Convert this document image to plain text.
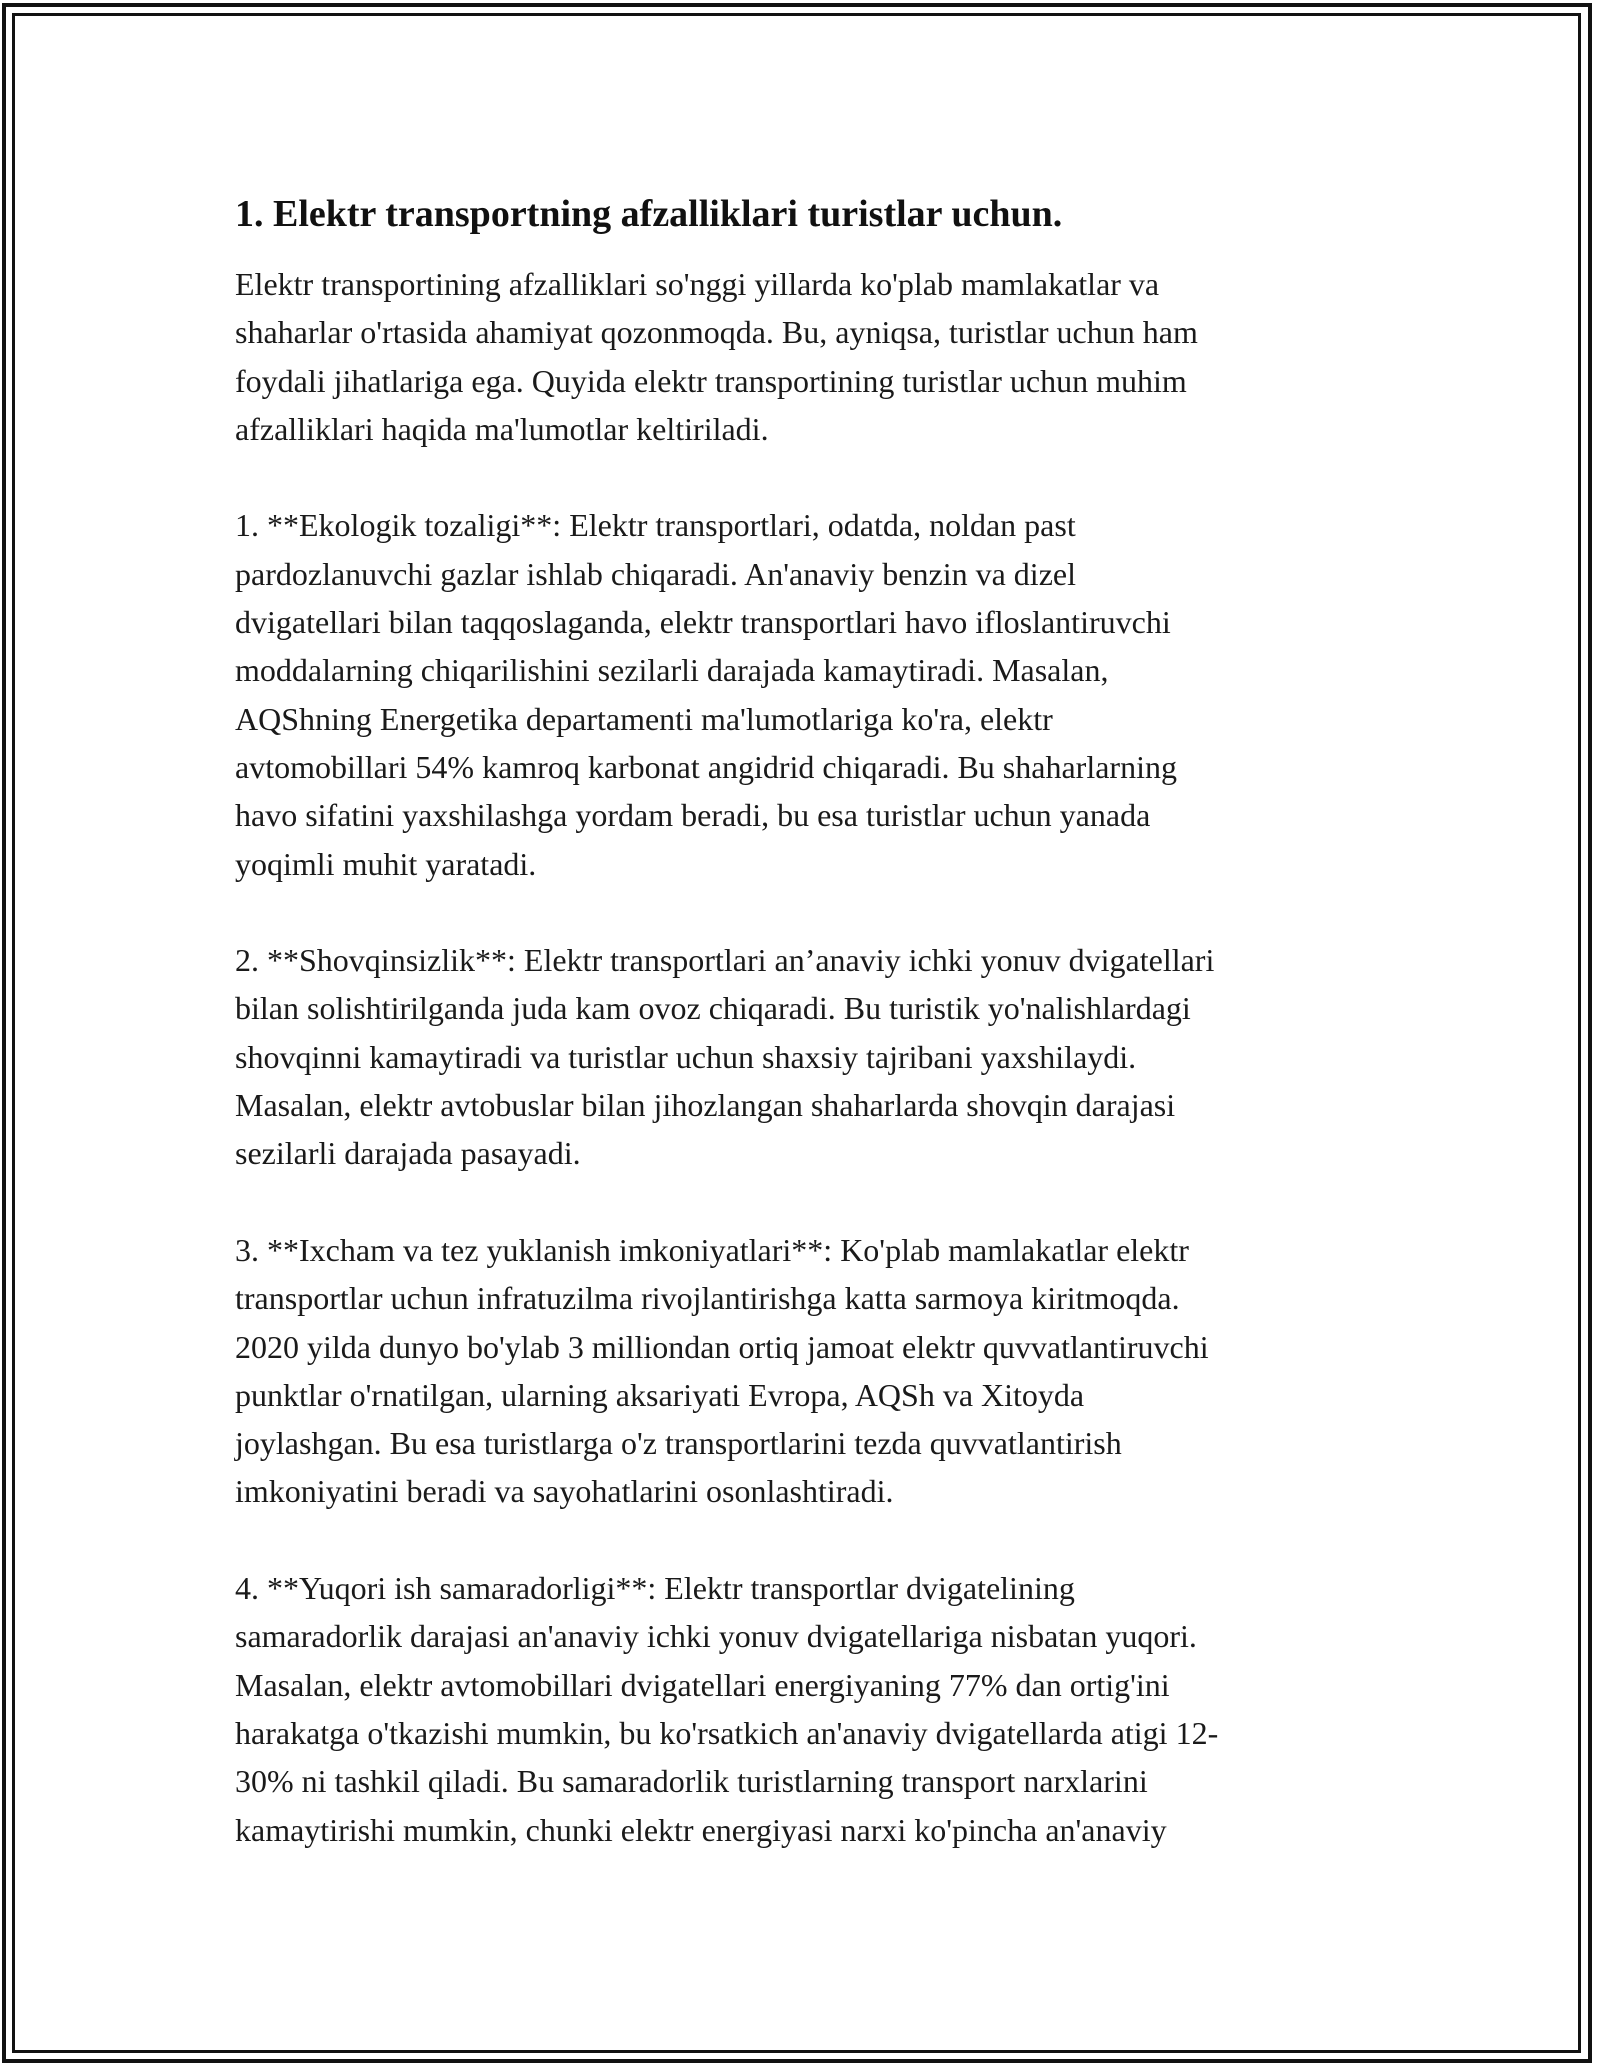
1. Elektr transportning afzalliklari turistlar uchun.

Elektr transportining afzalliklari so'nggi yillarda ko'plab mamlakatlar va
shaharlar o'rtasida ahamiyat qozonmoqda. Bu, ayniqsa, turistlar uchun ham
foydali jihatlariga ega. Quyida elektr transportining turistlar uchun muhim
afzalliklari haqida ma'lumotlar keltiriladi.

1. **Ekologik tozaligi**: Elektr transportlari, odatda, noldan past
pardozlanuvchi gazlar ishlab chiqaradi. An'anaviy benzin va dizel
dvigatellari bilan taqqoslaganda, elektr transportlari havo ifloslantiruvchi
moddalarning chiqarilishini sezilarli darajada kamaytiradi. Masalan,
AQShning Energetika departamenti ma'lumotlariga ko'ra, elektr
avtomobillari 54% kamroq karbonat angidrid chiqaradi. Bu shaharlarning
havo sifatini yaxshilashga yordam beradi, bu esa turistlar uchun yanada
yoqimli muhit yaratadi.

2. **Shovqinsizlik**: Elektr transportlari an’anaviy ichki yonuv dvigatellari
bilan solishtirilganda juda kam ovoz chiqaradi. Bu turistik yo'nalishlardagi
shovqinni kamaytiradi va turistlar uchun shaxsiy tajribani yaxshilaydi.
Masalan, elektr avtobuslar bilan jihozlangan shaharlarda shovqin darajasi
sezilarli darajada pasayadi.

3. **Ixcham va tez yuklanish imkoniyatlari**: Ko'plab mamlakatlar elektr
transportlar uchun infratuzilma rivojlantirishga katta sarmoya kiritmoqda.
2020 yilda dunyo bo'ylab 3 milliondan ortiq jamoat elektr quvvatlantiruvchi
punktlar o'rnatilgan, ularning aksariyati Evropa, AQSh va Xitoyda
joylashgan. Bu esa turistlarga o'z transportlarini tezda quvvatlantirish
imkoniyatini beradi va sayohatlarini osonlashtiradi.

4. **Yuqori ish samaradorligi**: Elektr transportlar dvigatelining
samaradorlik darajasi an'anaviy ichki yonuv dvigatellariga nisbatan yuqori.
Masalan, elektr avtomobillari dvigatellari energiyaning 77% dan ortig'ini
harakatga o'tkazishi mumkin, bu ko'rsatkich an'anaviy dvigatellarda atigi 12-
30% ni tashkil qiladi. Bu samaradorlik turistlarning transport narxlarini
kamaytirishi mumkin, chunki elektr energiyasi narxi ko'pincha an'anaviy
